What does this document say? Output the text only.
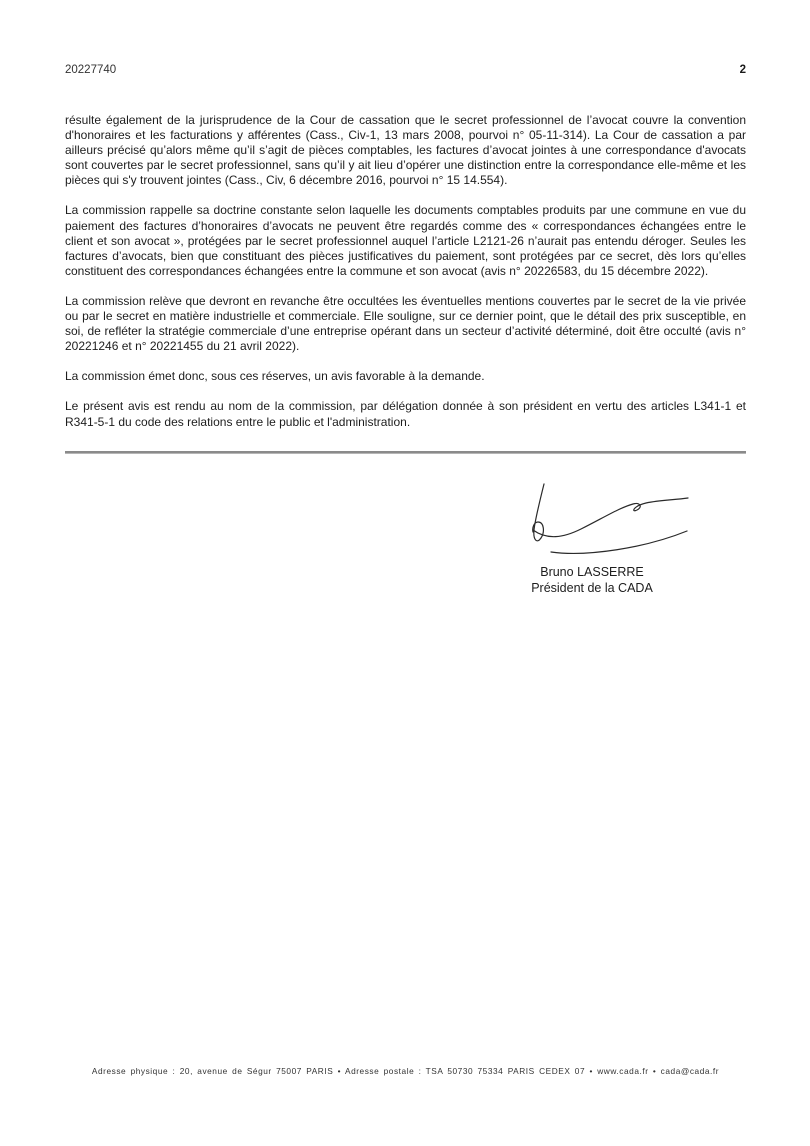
20227740	2

résulte également de la jurisprudence de la Cour de cassation que le secret professionnel de l’avocat couvre la convention d'honoraires et les facturations y afférentes (Cass., Civ-1, 13 mars 2008, pourvoi n° 05-11-314). La Cour de cassation a par ailleurs précisé qu’alors même qu’il s’agit de pièces comptables, les factures d’avocat jointes à une correspondance d'avocats sont couvertes par le secret professionnel, sans qu’il y ait lieu d’opérer une distinction entre la correspondance elle-même et les pièces qui s'y trouvent jointes (Cass., Civ, 6 décembre 2016, pourvoi n° 15 14.554).

La commission rappelle sa doctrine constante selon laquelle les documents comptables produits par une commune en vue du paiement des factures d’honoraires d’avocats ne peuvent être regardés comme des « correspondances échangées entre le client et son avocat », protégées par le secret professionnel auquel l’article L2121-26 n’aurait pas entendu déroger. Seules les factures d’avocats, bien que constituant des pièces justificatives du paiement, sont protégées par ce secret, dès lors qu’elles constituent des correspondances échangées entre la commune et son avocat (avis n° 20226583, du 15 décembre 2022).

La commission relève que devront en revanche être occultées les éventuelles mentions couvertes par le secret de la vie privée ou par le secret en matière industrielle et commerciale. Elle souligne, sur ce dernier point, que le détail des prix susceptible, en soi, de refléter la stratégie commerciale d’une entreprise opérant dans un secteur d’activité déterminé, doit être occulté (avis n° 20221246 et n° 20221455 du 21 avril 2022).

La commission émet donc, sous ces réserves, un avis favorable à la demande.

Le présent avis est rendu au nom de la commission, par délégation donnée à son président en vertu des articles L341-1 et R341-5-1 du code des relations entre le public et l'administration.

Bruno LASSERRE
Président de la CADA
Adresse physique : 20, avenue de Ségur 75007 PARIS • Adresse postale : TSA 50730 75334 PARIS CEDEX 07 • www.cada.fr • cada@cada.fr
